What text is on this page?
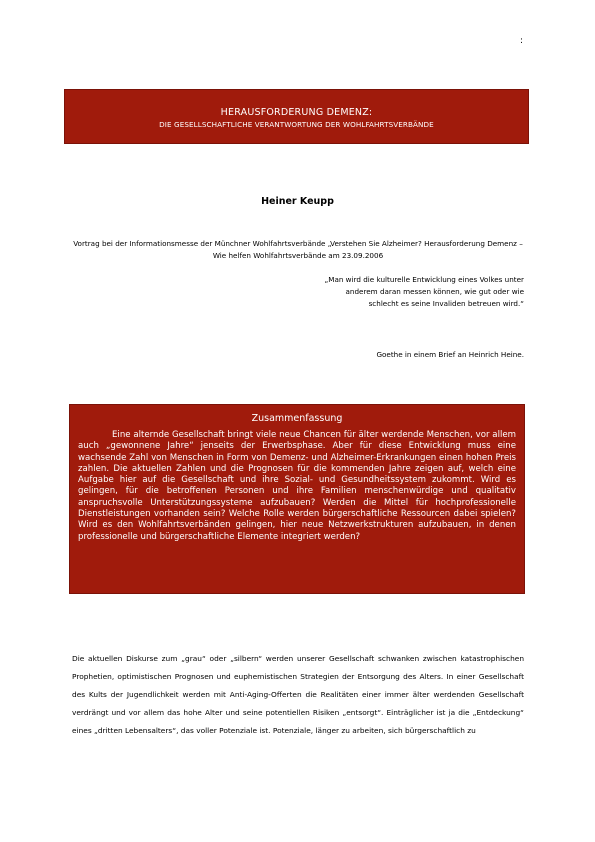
:
HERAUSFORDERUNG DEMENZ:
DIE GESELLSCHAFTLICHE VERANTWORTUNG DER WOHLFAHRTSVERBÄNDE
Heiner Keupp
Vortrag bei der Informationsmesse der Münchner Wohlfahrtsverbände „Verstehen Sie Alzheimer? Herausforderung Demenz – Wie helfen Wohlfahrtsverbände am 23.09.2006
„Man wird die kulturelle Entwicklung eines Volkes unter anderem daran messen können, wie gut oder wie schlecht es seine Invaliden betreuen wird.“
Goethe in einem Brief an Heinrich Heine.
Zusammenfassung

Eine alternde Gesellschaft bringt viele neue Chancen für älter werdende Menschen, vor allem auch „gewonnene Jahre“ jenseits der Erwerbsphase. Aber für diese Entwicklung muss eine wachsende Zahl von Menschen in Form von Demenz- und Alzheimer-Erkrankungen einen hohen Preis zahlen. Die aktuellen Zahlen und die Prognosen für die kommenden Jahre zeigen auf, welch eine Aufgabe hier auf die Gesellschaft und ihre Sozial- und Gesundheitssystem zukommt. Wird es gelingen, für die betroffenen Personen und ihre Familien menschenwürdige und qualitativ anspruchsvolle Unterstützungssysteme aufzubauen? Werden die Mittel für hochprofessionelle Dienstleistungen vorhanden sein? Welche Rolle werden bürgerschaftliche Ressourcen dabei spielen? Wird es den Wohlfahrtsverbänden gelingen, hier neue Netzwerkstrukturen aufzubauen, in denen professionelle und bürgerschaftliche Elemente integriert werden?

Die aktuellen Diskurse zum „grau“ oder „silbern“ werden unserer Gesellschaft schwanken zwischen katastrophischen Prophetien, optimistischen Prognosen und euphemistischen Strategien der Entsorgung des Alters. In einer Gesellschaft des Kults der Jugendlichkeit werden mit Anti-Aging-Offerten die Realitäten einer immer älter werdenden Gesellschaft verdrängt und vor allem das hohe Alter und seine potentiellen Risiken „entsorgt“. Einträglicher ist ja die „Entdeckung“ eines „dritten Lebensalters“, das voller Potenziale ist. Potenziale, länger zu arbeiten, sich bürgerschaftlich zu
